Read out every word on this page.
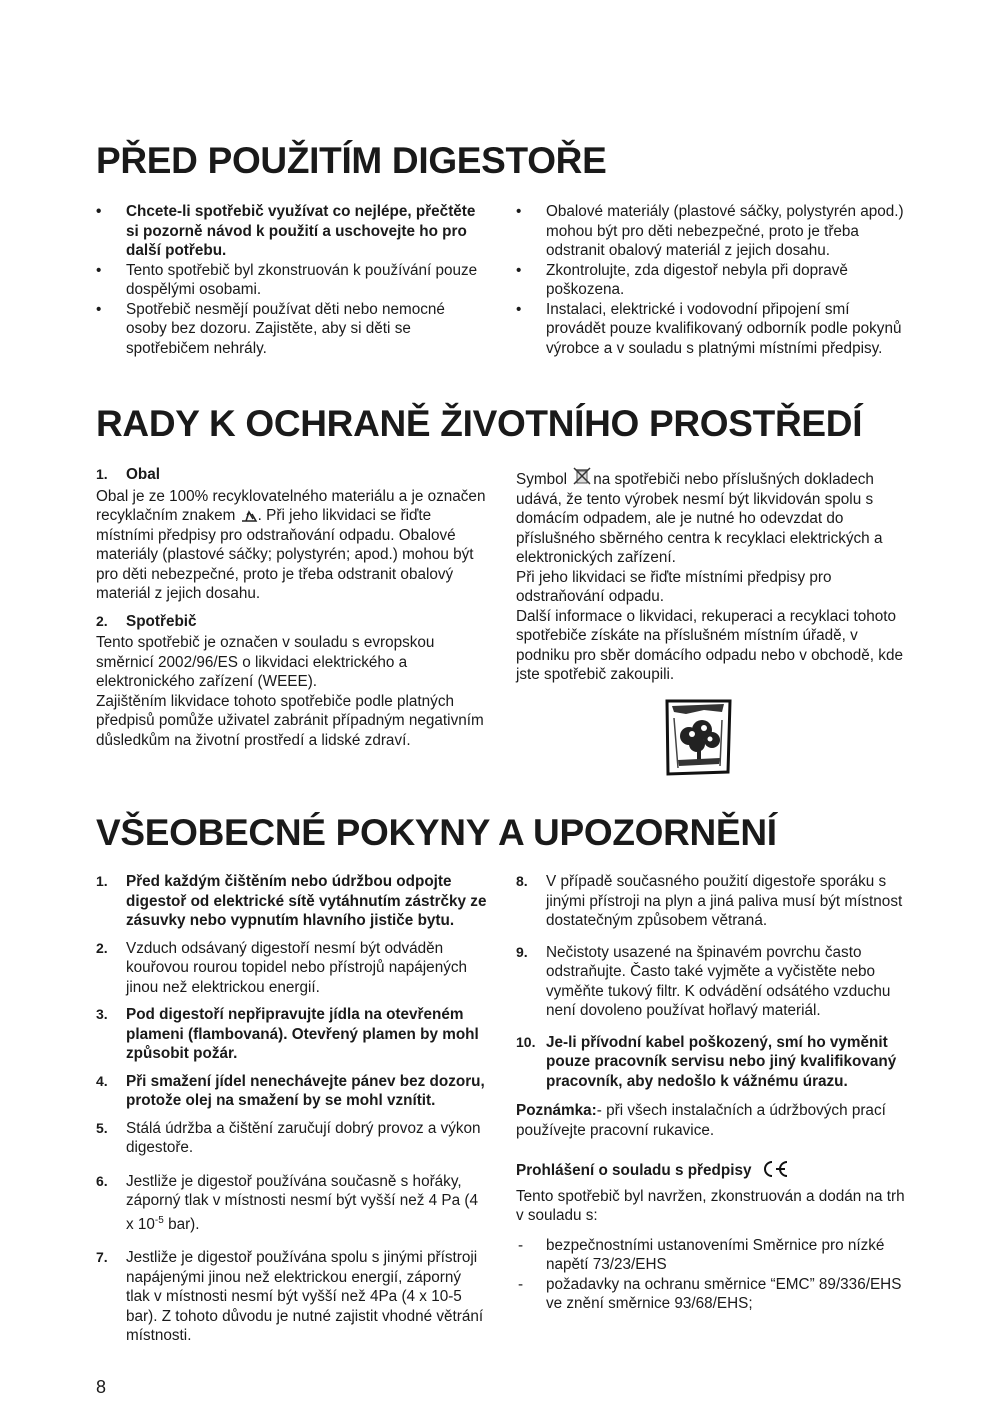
PŘED POUŽITÍM DIGESTOŘE
• Chcete-li spotřebič využívat co nejlépe, přečtěte si pozorně návod k použití a uschovejte ho pro další potřebu.
• Tento spotřebič byl zkonstruován k používání pouze dospělými osobami.
• Spotřebič nesmějí používat děti nebo nemocné osoby bez dozoru. Zajistěte, aby si děti se spotřebičem nehrály.
• Obalové materiály (plastové sáčky, polystyrén apod.) mohou být pro děti nebezpečné, proto je třeba odstranit obalový materiál z jejich dosahu.
• Zkontrolujte, zda digestoř nebyla při dopravě poškozena.
• Instalaci, elektrické i vodovodní připojení smí provádět pouze kvalifikovaný odborník podle pokynů výrobce a v souladu s platnými místními předpisy.
RADY K OCHRANĚ ŽIVOTNÍHO PROSTŘEDÍ
1. Obal

Obal je ze 100% recyklovatelného materiálu a je označen recyklačním znakem . Při jeho likvidaci se řiďte místními předpisy pro odstraňování odpadu. Obalové materiály (plastové sáčky; polystyrén; apod.) mohou být pro děti nebezpečné, proto je třeba odstranit obalový materiál z jejich dosahu.

2. Spotřebič

Tento spotřebič je označen v souladu s evropskou směrnicí 2002/96/ES o likvidaci elektrického a elektronického zařízení (WEEE).

Zajištěním likvidace tohoto spotřebiče podle platných předpisů pomůže uživatel zabránit případným negativním důsledkům na životní prostředí a lidské zdraví.

Symbol na spotřebiči nebo příslušných dokladech udává, že tento výrobek nesmí být likvidován spolu s domácím odpadem, ale je nutné ho odevzdat do příslušného sběrného centra k recyklaci elektrických a elektronických zařízení.

Při jeho likvidaci se řiďte místními předpisy pro odstraňování odpadu.

Další informace o likvidaci, rekuperaci a recyklaci tohoto spotřebiče získáte na příslušném místním úřadě, v podniku pro sběr domácího odpadu nebo v obchodě, kde jste spotřebič zakoupili.

VŠEOBECNÉ POKYNY A UPOZORNĚNÍ
1. Před každým čištěním nebo údržbou odpojte digestoř od elektrické sítě vytáhnutím zástrčky ze zásuvky nebo vypnutím hlavního jističe bytu.
2. Vzduch odsávaný digestoří nesmí být odváděn kouřovou rourou topidel nebo přístrojů napájených jinou než elektrickou energií.
3. Pod digestoří nepřipravujte jídla na otevřeném plameni (flambovaná). Otevřený plamen by mohl způsobit požár.
4. Při smažení jídel nenechávejte pánev bez dozoru, protože olej na smažení by se mohl vznítit.
5. Stálá údržba a čištění zaručují dobrý provoz a výkon digestoře.
6. Jestliže je digestoř používána současně s hořáky, záporný tlak v místnosti nesmí být vyšší než 4 Pa (4 x $10^{-5}$ bar).
7. Jestliže je digestoř používána spolu s jinými přístroji napájenými jinou než elektrickou energií, záporný tlak v místnosti nesmí být vyšší než 4Pa (4 x 10-5 bar). Z tohoto důvodu je nutné zajistit vhodné větrání místnosti.
8. V případě současného použití digestoře sporáku s jinými přístroji na plyn a jiná paliva musí být místnost dostatečným způsobem větraná.
9. Nečistoty usazené na špinavém povrchu často odstraňujte. Často také vyjměte a vyčistěte nebo vyměňte tukový filtr. K odvádění odsátého vzduchu není dovoleno používat hořlavý materiál.
10. Je-li přívodní kabel poškozený, smí ho vyměnit pouze pracovník servisu nebo jiný kvalifikovaný pracovník, aby nedošlo k vážnému úrazu.

Poznámka:- při všech instalačních a údržbových prací používejte pracovní rukavice.

Prohlášení o souladu s předpisy

Tento spotřebič byl navržen, zkonstruován a dodán na trh v souladu s:

- bezpečnostními ustanoveními Směrnice pro nízké napětí 73/23/EHS
- požadavky na ochranu směrnice “EMC” 89/336/EHS ve znění směrnice 93/68/EHS;
8
